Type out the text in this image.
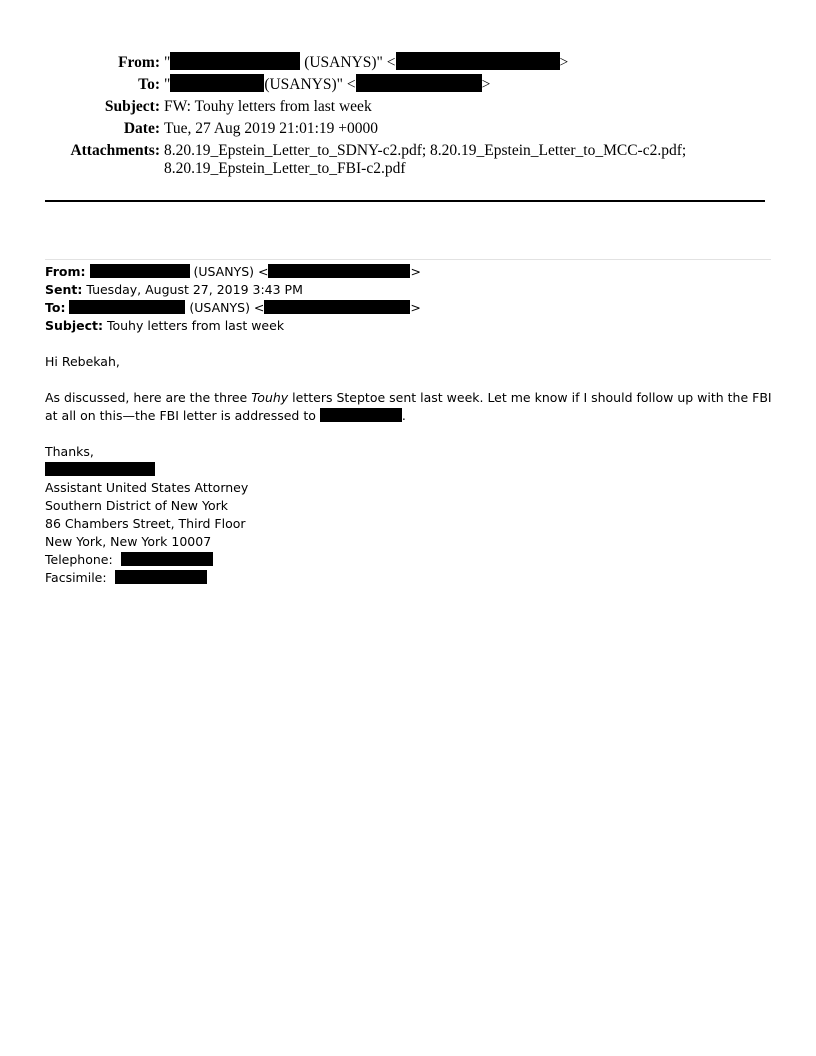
From: "	(USANYS)" <	>
To: "	(USANYS)" <	>
Subject: FW: Touhy letters from last week
Date: Tue, 27 Aug 2019 21:01:19 +0000
Attachments: 8.20.19_Epstein_Letter_to_SDNY-c2.pdf; 8.20.19_Epstein_Letter_to_MCC-c2.pdf;
8.20.19_Epstein_Letter_to_FBI-c2.pdf
From:	(USANYS) <	>
Sent: Tuesday, August 27, 2019 3:43 PM
To:	(USANYS) <	>
Subject: Touhy letters from last week
Hi Rebekah,
As discussed, here are the three Touhy letters Steptoe sent last week. Let me know if I should follow up with the FBI at all on this—the FBI letter is addressed to	.
Thanks,
Assistant United States Attorney
Southern District of New York
86 Chambers Street, Third Floor
New York, New York 10007
Telephone:
Facsimile:
